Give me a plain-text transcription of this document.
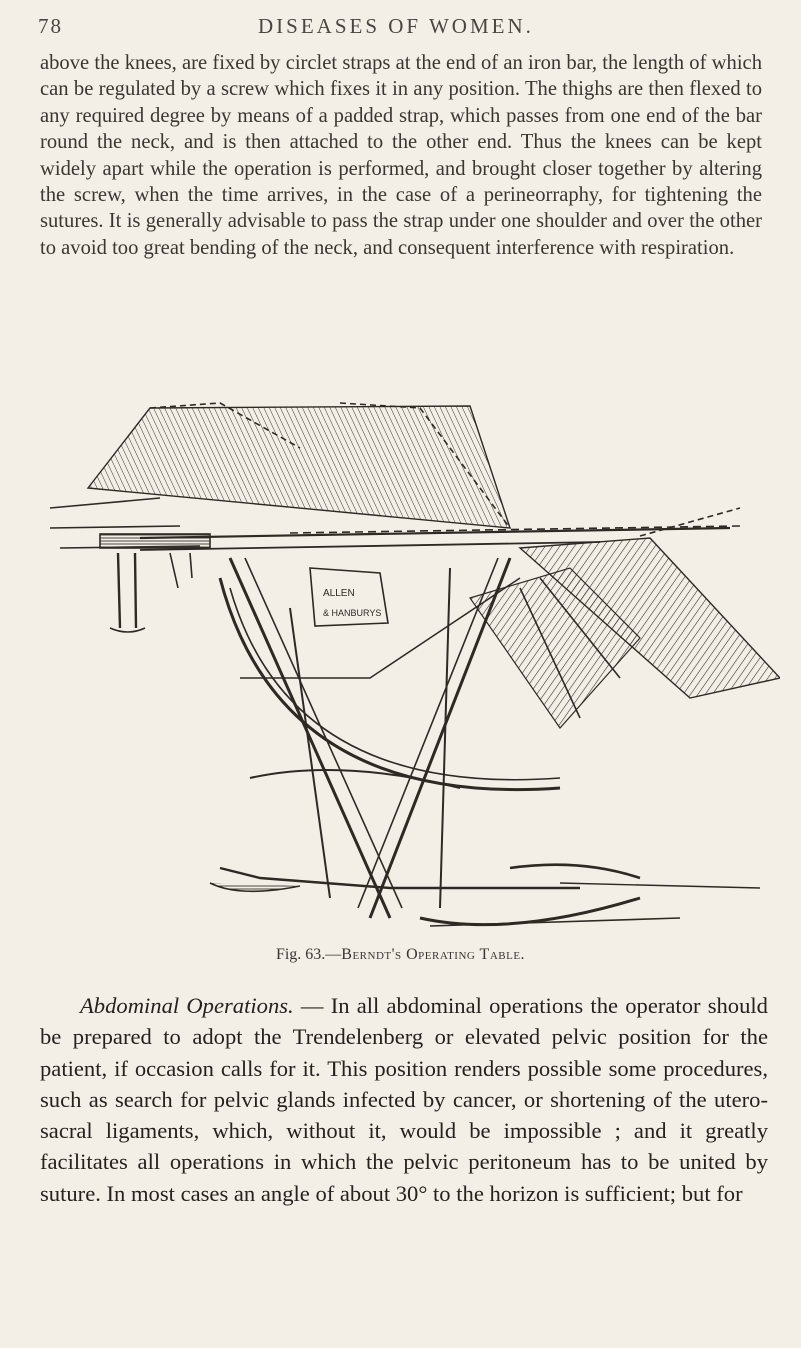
78	DISEASES OF WOMEN.

above the knees, are fixed by circlet straps at the end of an iron bar, the length of which can be regulated by a screw which fixes it in any position. The thighs are then flexed to any required degree by means of a padded strap, which passes from one end of the bar round the neck, and is then attached to the other end. Thus the knees can be kept widely apart while the operation is performed, and brought closer together by altering the screw, when the time arrives, in the case of a perineorraphy, for tightening the sutures. It is generally advisable to pass the strap under one shoulder and over the other to avoid too great bending of the neck, and consequent interference with respiration.

ALLEN
& HANBURYS
Fig. 63.—Berndt's Operating Table.

Abdominal Operations. — In all abdominal operations the operator should be prepared to adopt the Trendelenberg or elevated pelvic position for the patient, if occasion calls for it. This position renders possible some procedures, such as search for pelvic glands infected by cancer, or shortening of the utero-sacral ligaments, which, without it, would be impossible ; and it greatly facilitates all operations in which the pelvic peritoneum has to be united by suture. In most cases an angle of about 30° to the horizon is sufficient; but for
